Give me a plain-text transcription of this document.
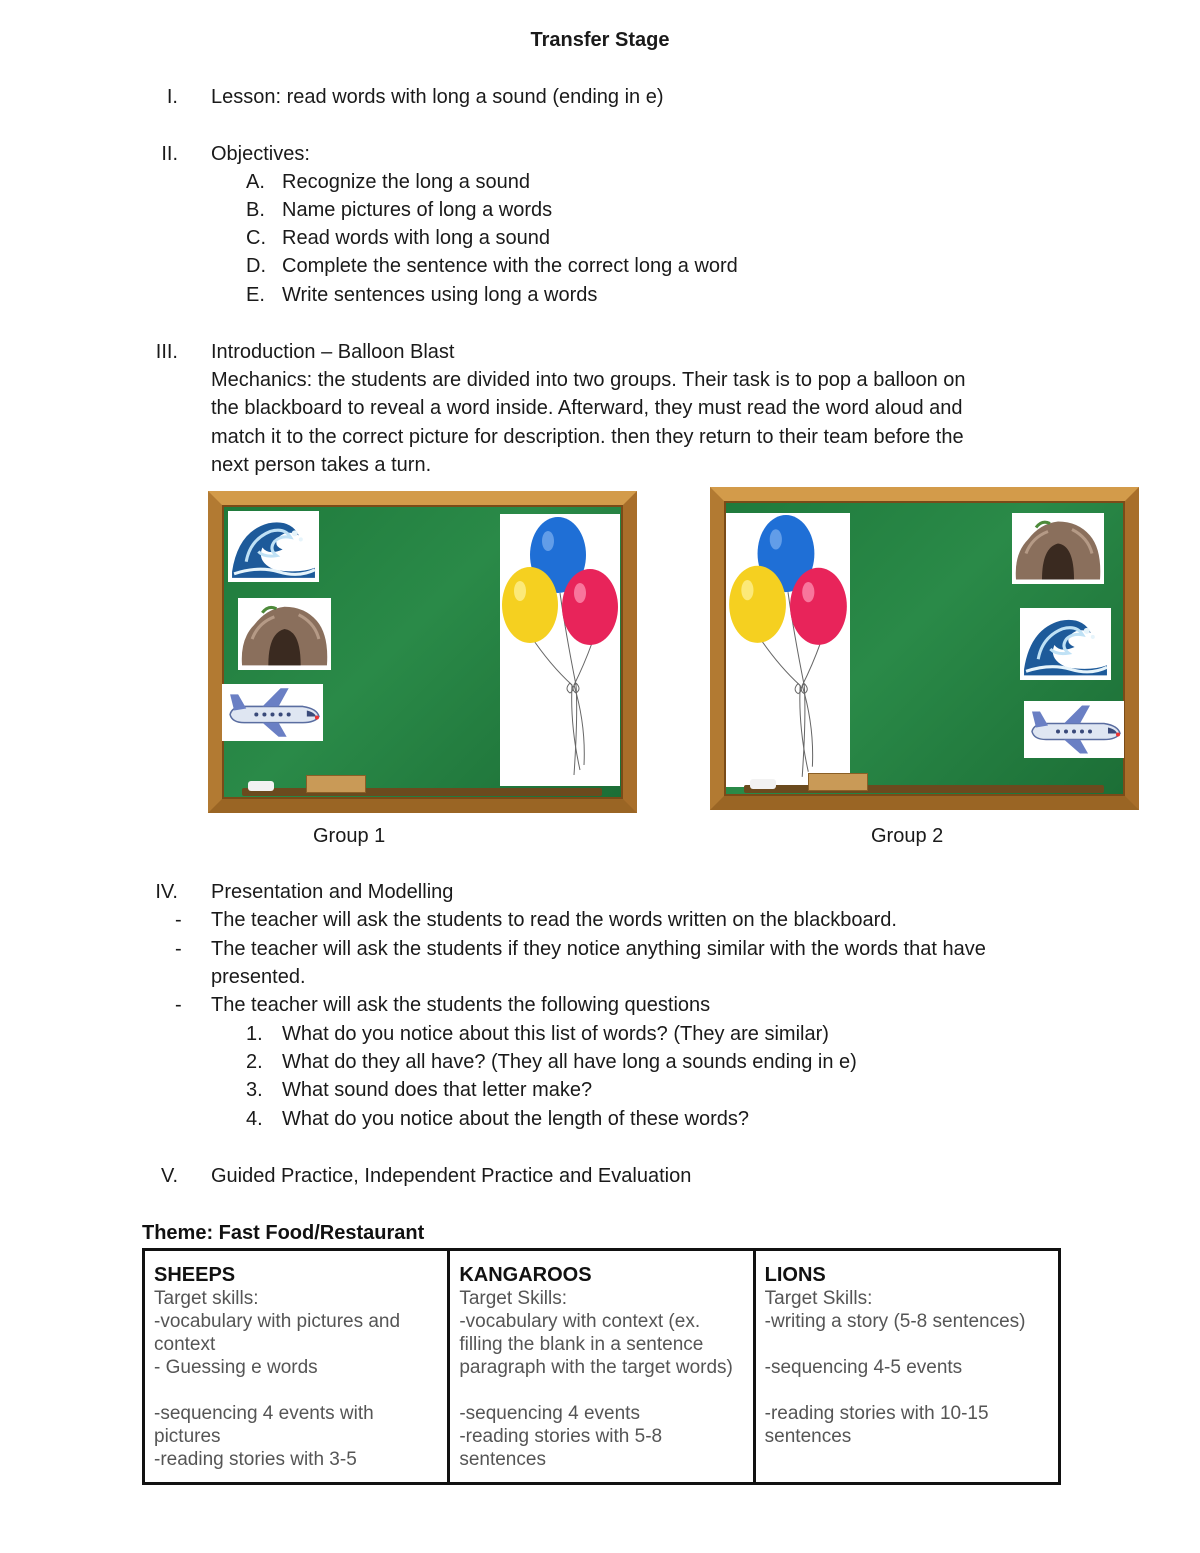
Transfer Stage
I. Lesson: read words with long a sound (ending in e)
II. Objectives:
A. Recognize the long a sound
B. Name pictures of long a words
C. Read words with long a sound
D. Complete the sentence with the correct long a word
E. Write sentences using long a words
III. Introduction – Balloon Blast
Mechanics: the students are divided into two groups. Their task is to pop a balloon on
the blackboard to reveal a word inside. Afterward, they must read the word aloud and
match it to the correct picture for description. then they return to their team before the
next person takes a turn.
Group 1	Group 2
IV. Presentation and Modelling
- The teacher will ask the students to read the words written on the blackboard.
- The teacher will ask the students if they notice anything similar with the words that have
presented.
- The teacher will ask the students the following questions
1. What do you notice about this list of words? (They are similar)
2. What do they all have? (They all have long a sounds ending in e)
3. What sound does that letter make?
4. What do you notice about the length of these words?
V. Guided Practice, Independent Practice and Evaluation
Theme: Fast Food/Restaurant
SHEEPS
Target skills:
-vocabulary with pictures and
context
- Guessing e words

-sequencing 4 events with
pictures
-reading stories with 3-5

KANGAROOS
Target Skills:
-vocabulary with context (ex.
filling the blank in a sentence
paragraph with the target words)

-sequencing 4 events
-reading stories with 5-8
sentences

LIONS
Target Skills:
-writing a story (5-8 sentences)

-sequencing 4-5 events

-reading stories with 10-15
sentences
